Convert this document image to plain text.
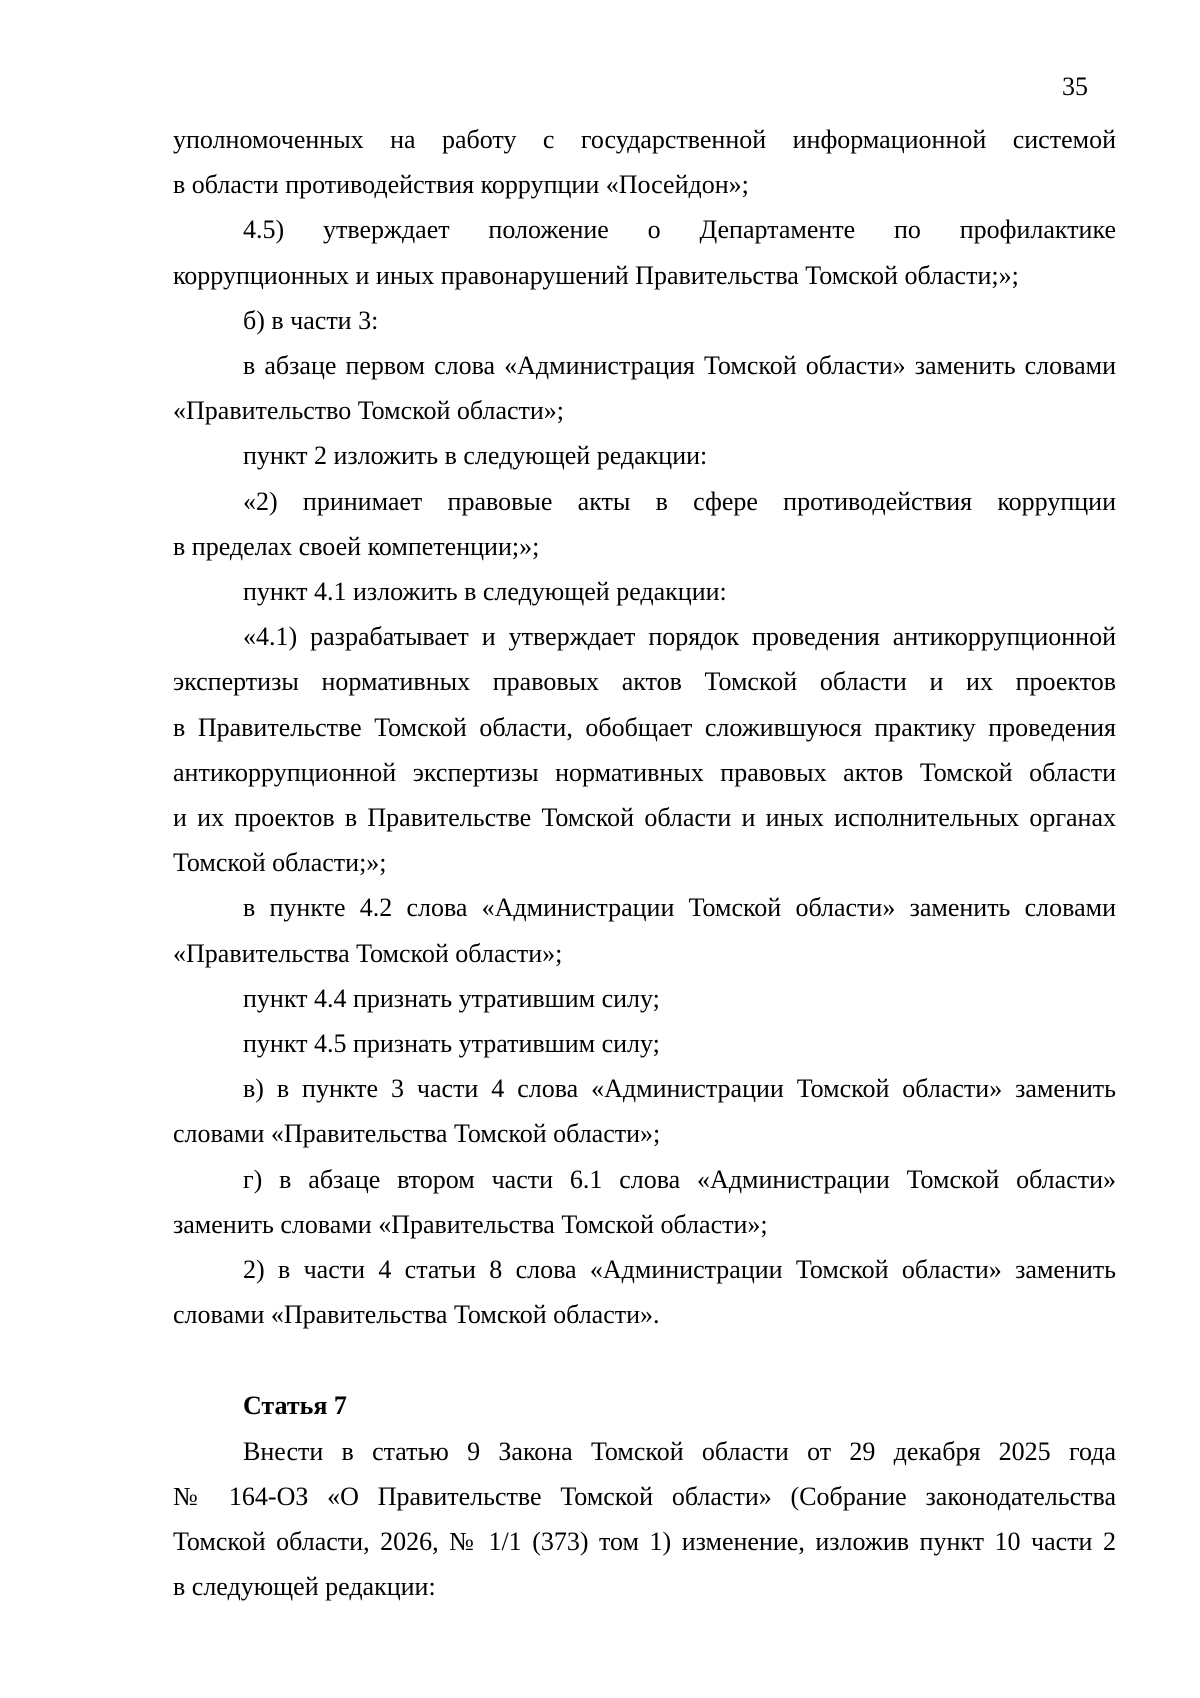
35

уполномоченных на работу с государственной информационной системой

в области противодействия коррупции «Посейдон»;

4.5) утверждает положение о Департаменте по профилактике

коррупционных и иных правонарушений Правительства Томской области;»;

б) в части 3:

в абзаце первом слова «Администрация Томской области» заменить словами

«Правительство Томской области»;

пункт 2 изложить в следующей редакции:

«2) принимает правовые акты в сфере противодействия коррупции

в пределах своей компетенции;»;

пункт 4.1 изложить в следующей редакции:

«4.1) разрабатывает и утверждает порядок проведения антикоррупционной

экспертизы нормативных правовых актов Томской области и их проектов

в Правительстве Томской области, обобщает сложившуюся практику проведения

антикоррупционной экспертизы нормативных правовых актов Томской области

и их проектов в Правительстве Томской области и иных исполнительных органах

Томской области;»;

в пункте 4.2 слова «Администрации Томской области» заменить словами

«Правительства Томской области»;

пункт 4.4 признать утратившим силу;

пункт 4.5 признать утратившим силу;

в) в пункте 3 части 4 слова «Администрации Томской области» заменить

словами «Правительства Томской области»;

г) в абзаце втором части 6.1 слова «Администрации Томской области»

заменить словами «Правительства Томской области»;

2) в части 4 статьи 8 слова «Администрации Томской области» заменить

словами «Правительства Томской области».

Статья 7

Внести в статью 9 Закона Томской области от 29 декабря 2025 года

№ 164-ОЗ «О Правительстве Томской области» (Собрание законодательства

Томской области, 2026, № 1/1 (373) том 1) изменение, изложив пункт 10 части 2

в следующей редакции:
